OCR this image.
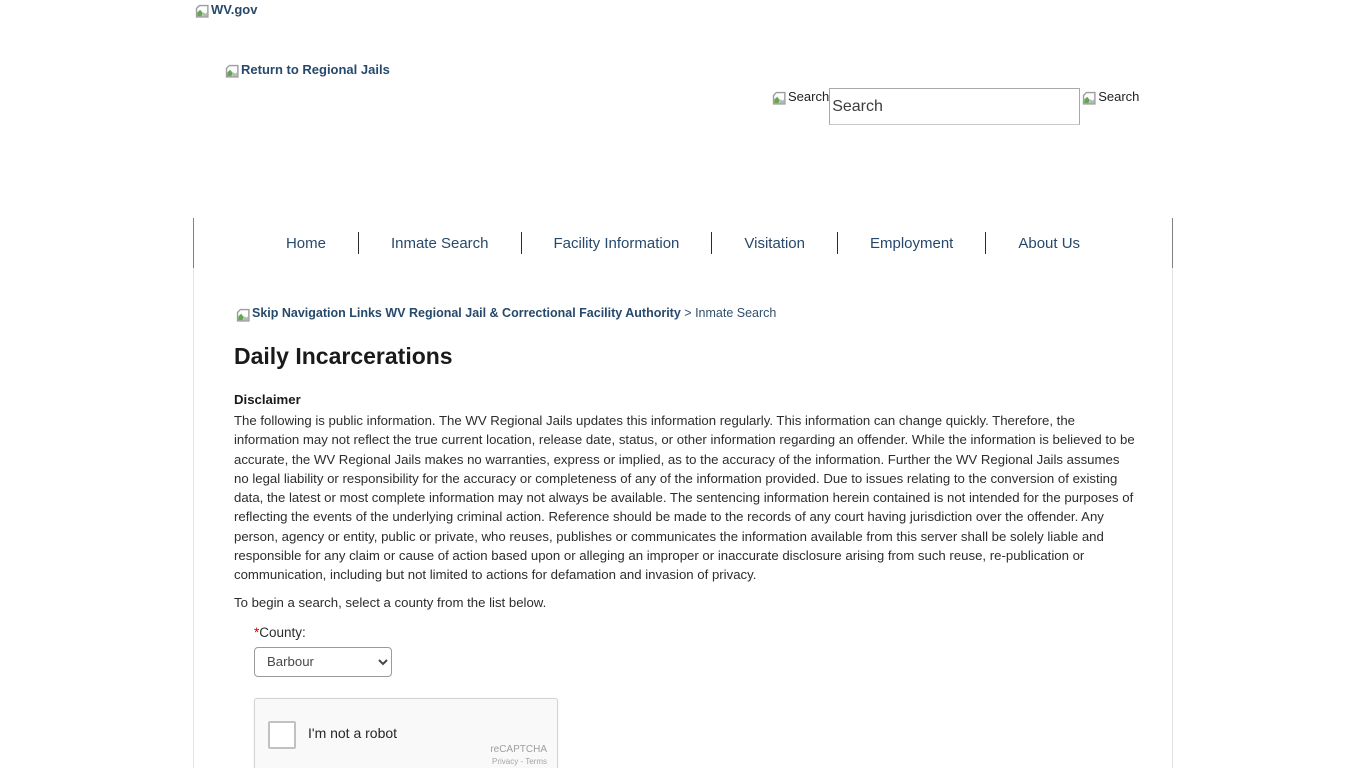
WV.gov
Return to Regional Jails
Search
Search	Search
Home	Inmate Search	Facility Information	Visitation	Employment	About Us
Skip Navigation Links WV Regional Jail & Correctional Facility Authority > Inmate Search
Daily Incarcerations
Disclaimer

The following is public information. The WV Regional Jails updates this information regularly. This information can change quickly. Therefore, the information may not reflect the true current location, release date, status, or other information regarding an offender. While the information is believed to be accurate, the WV Regional Jails makes no warranties, express or implied, as to the accuracy of the information. Further the WV Regional Jails assumes no legal liability or responsibility for the accuracy or completeness of any of the information provided. Due to issues relating to the conversion of existing data, the latest or most complete information may not always be available. The sentencing information herein contained is not intended for the purposes of reflecting the events of the underlying criminal action. Reference should be made to the records of any court having jurisdiction over the offender. Any person, agency or entity, public or private, who reuses, publishes or communicates the information available from this server shall be solely liable and responsible for any claim or cause of action based upon or alleging an improper or inaccurate disclosure arising from such reuse, re-publication or communication, including but not limited to actions for defamation and invasion of privacy.

To begin a search, select a county from the list below.

*County:
Barbour
I'm not a robot
reCAPTCHA
Privacy - Terms
